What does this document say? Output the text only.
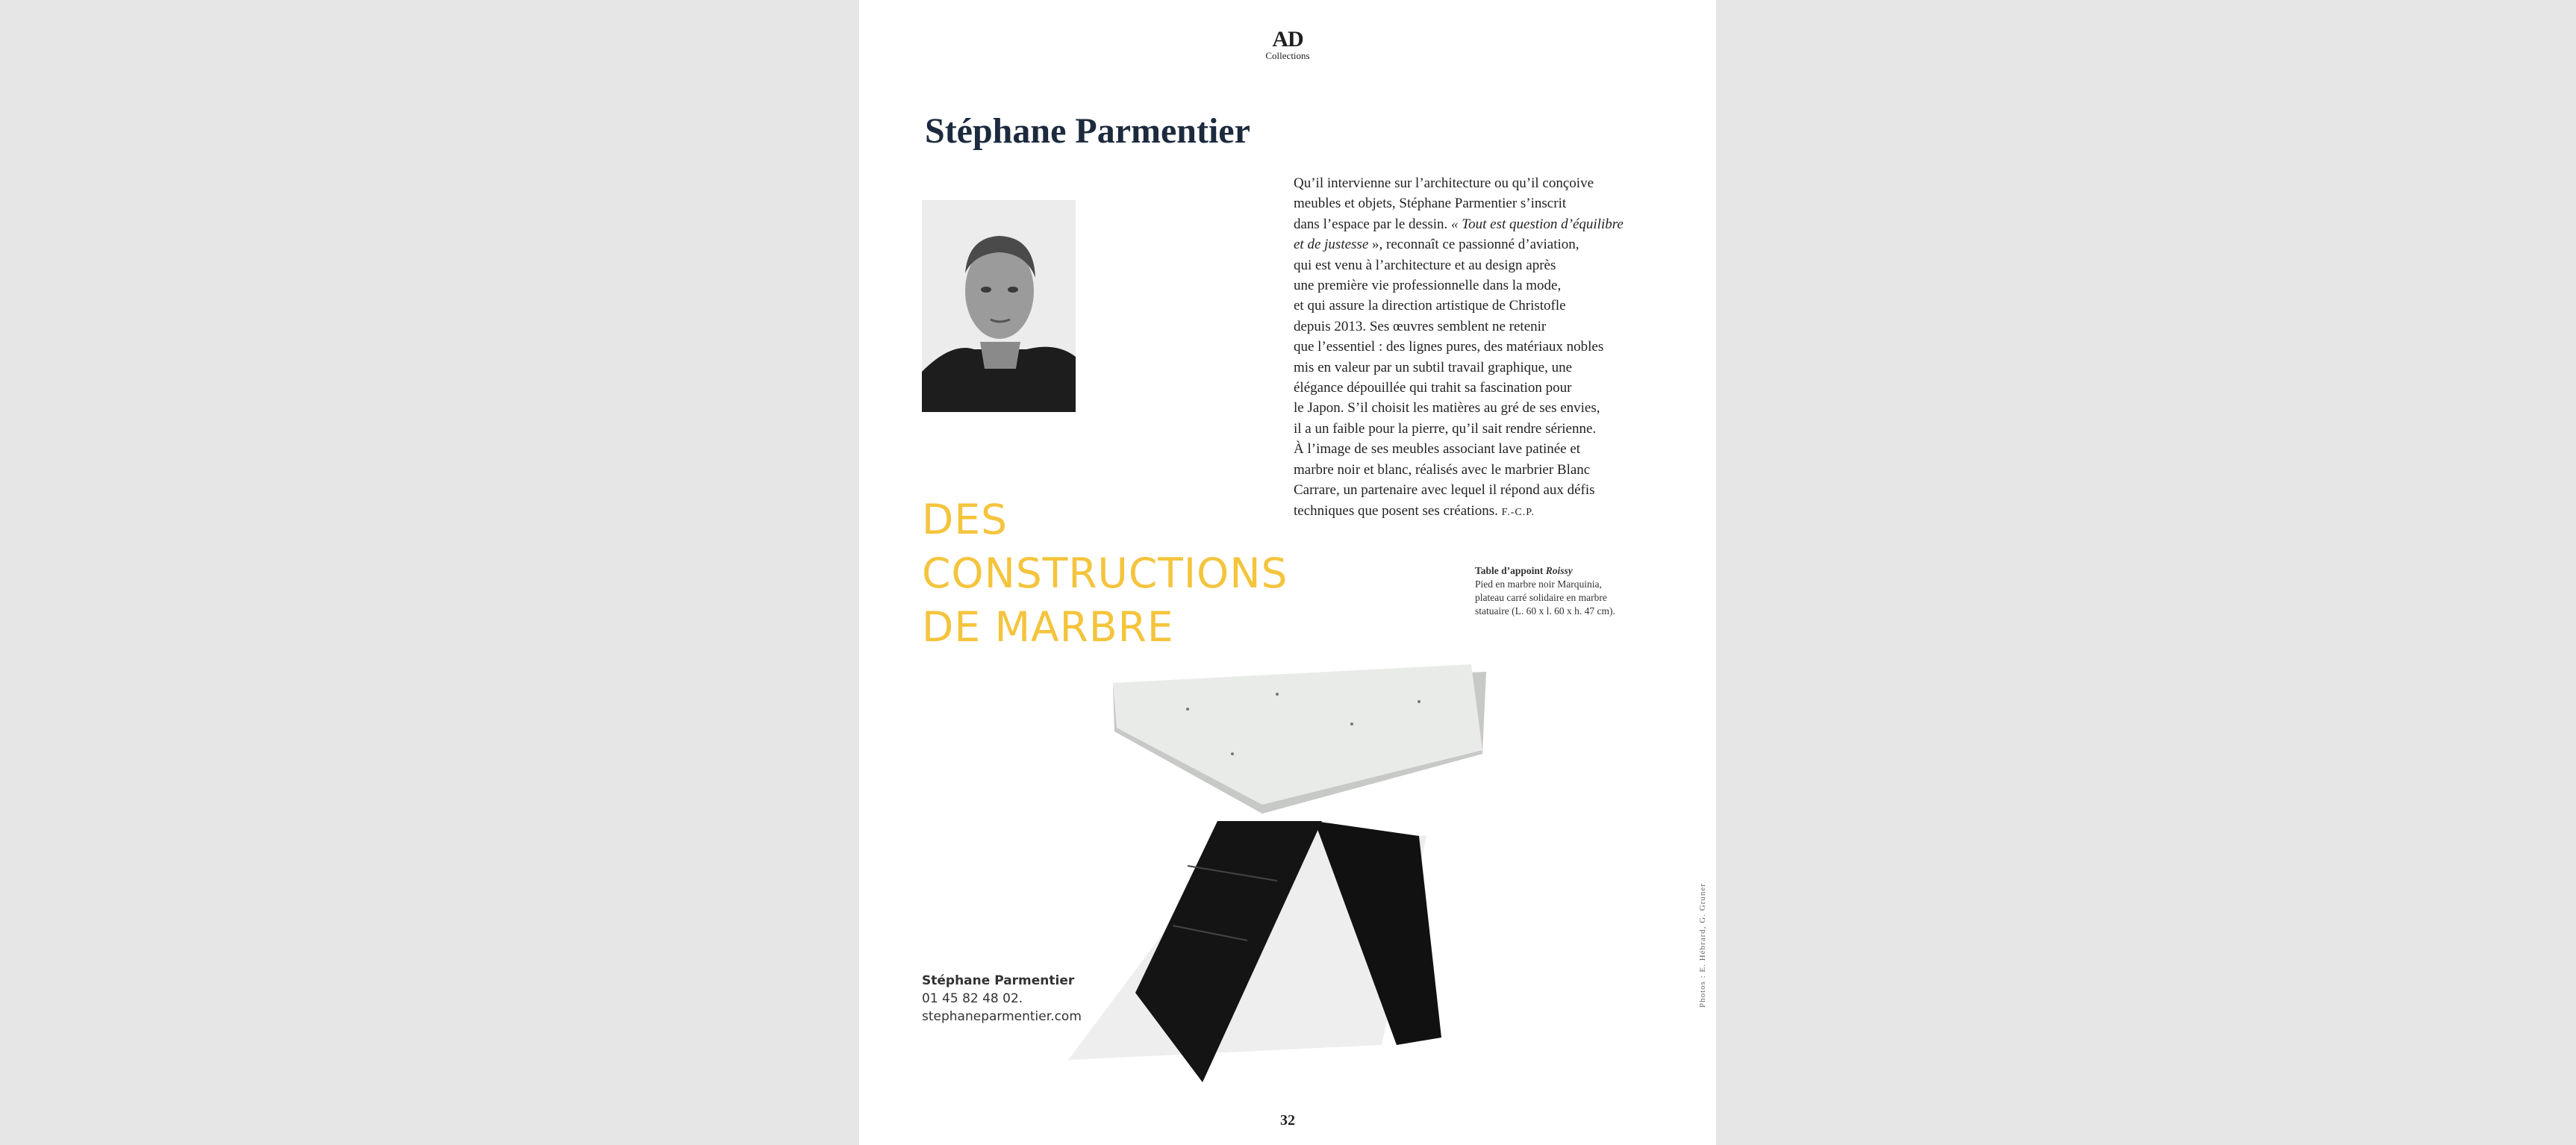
AD
Collections
Stéphane Parmentier
Qu’il intervienne sur l’architecture ou qu’il conçoive
meubles et objets, Stéphane Parmentier s’inscrit
dans l’espace par le dessin. « Tout est question d’équilibre
et de justesse », reconnaît ce passionné d’aviation,
qui est venu à l’architecture et au design après
une première vie professionnelle dans la mode,
et qui assure la direction artistique de Christofle
depuis 2013. Ses œuvres semblent ne retenir
que l’essentiel : des lignes pures, des matériaux nobles
mis en valeur par un subtil travail graphique, une
élégance dépouillée qui trahit sa fascination pour
le Japon. S’il choisit les matières au gré de ses envies,
il a un faible pour la pierre, qu’il sait rendre sérienne.
À l’image de ses meubles associant lave patinée et
marbre noir et blanc, réalisés avec le marbrier Blanc
Carrare, un partenaire avec lequel il répond aux défis
techniques que posent ses créations. F.-C.P.
DES
CONSTRUCTIONS
DE MARBRE
Table d’appoint Roissy
Pied en marbre noir Marquinia,
plateau carré solidaire en marbre
statuaire (L. 60 x l. 60 x h. 47 cm).
Stéphane Parmentier
01 45 82 48 02.
stephaneparmentier.com
Photos : E. Hébrard, G. Gruner
32
